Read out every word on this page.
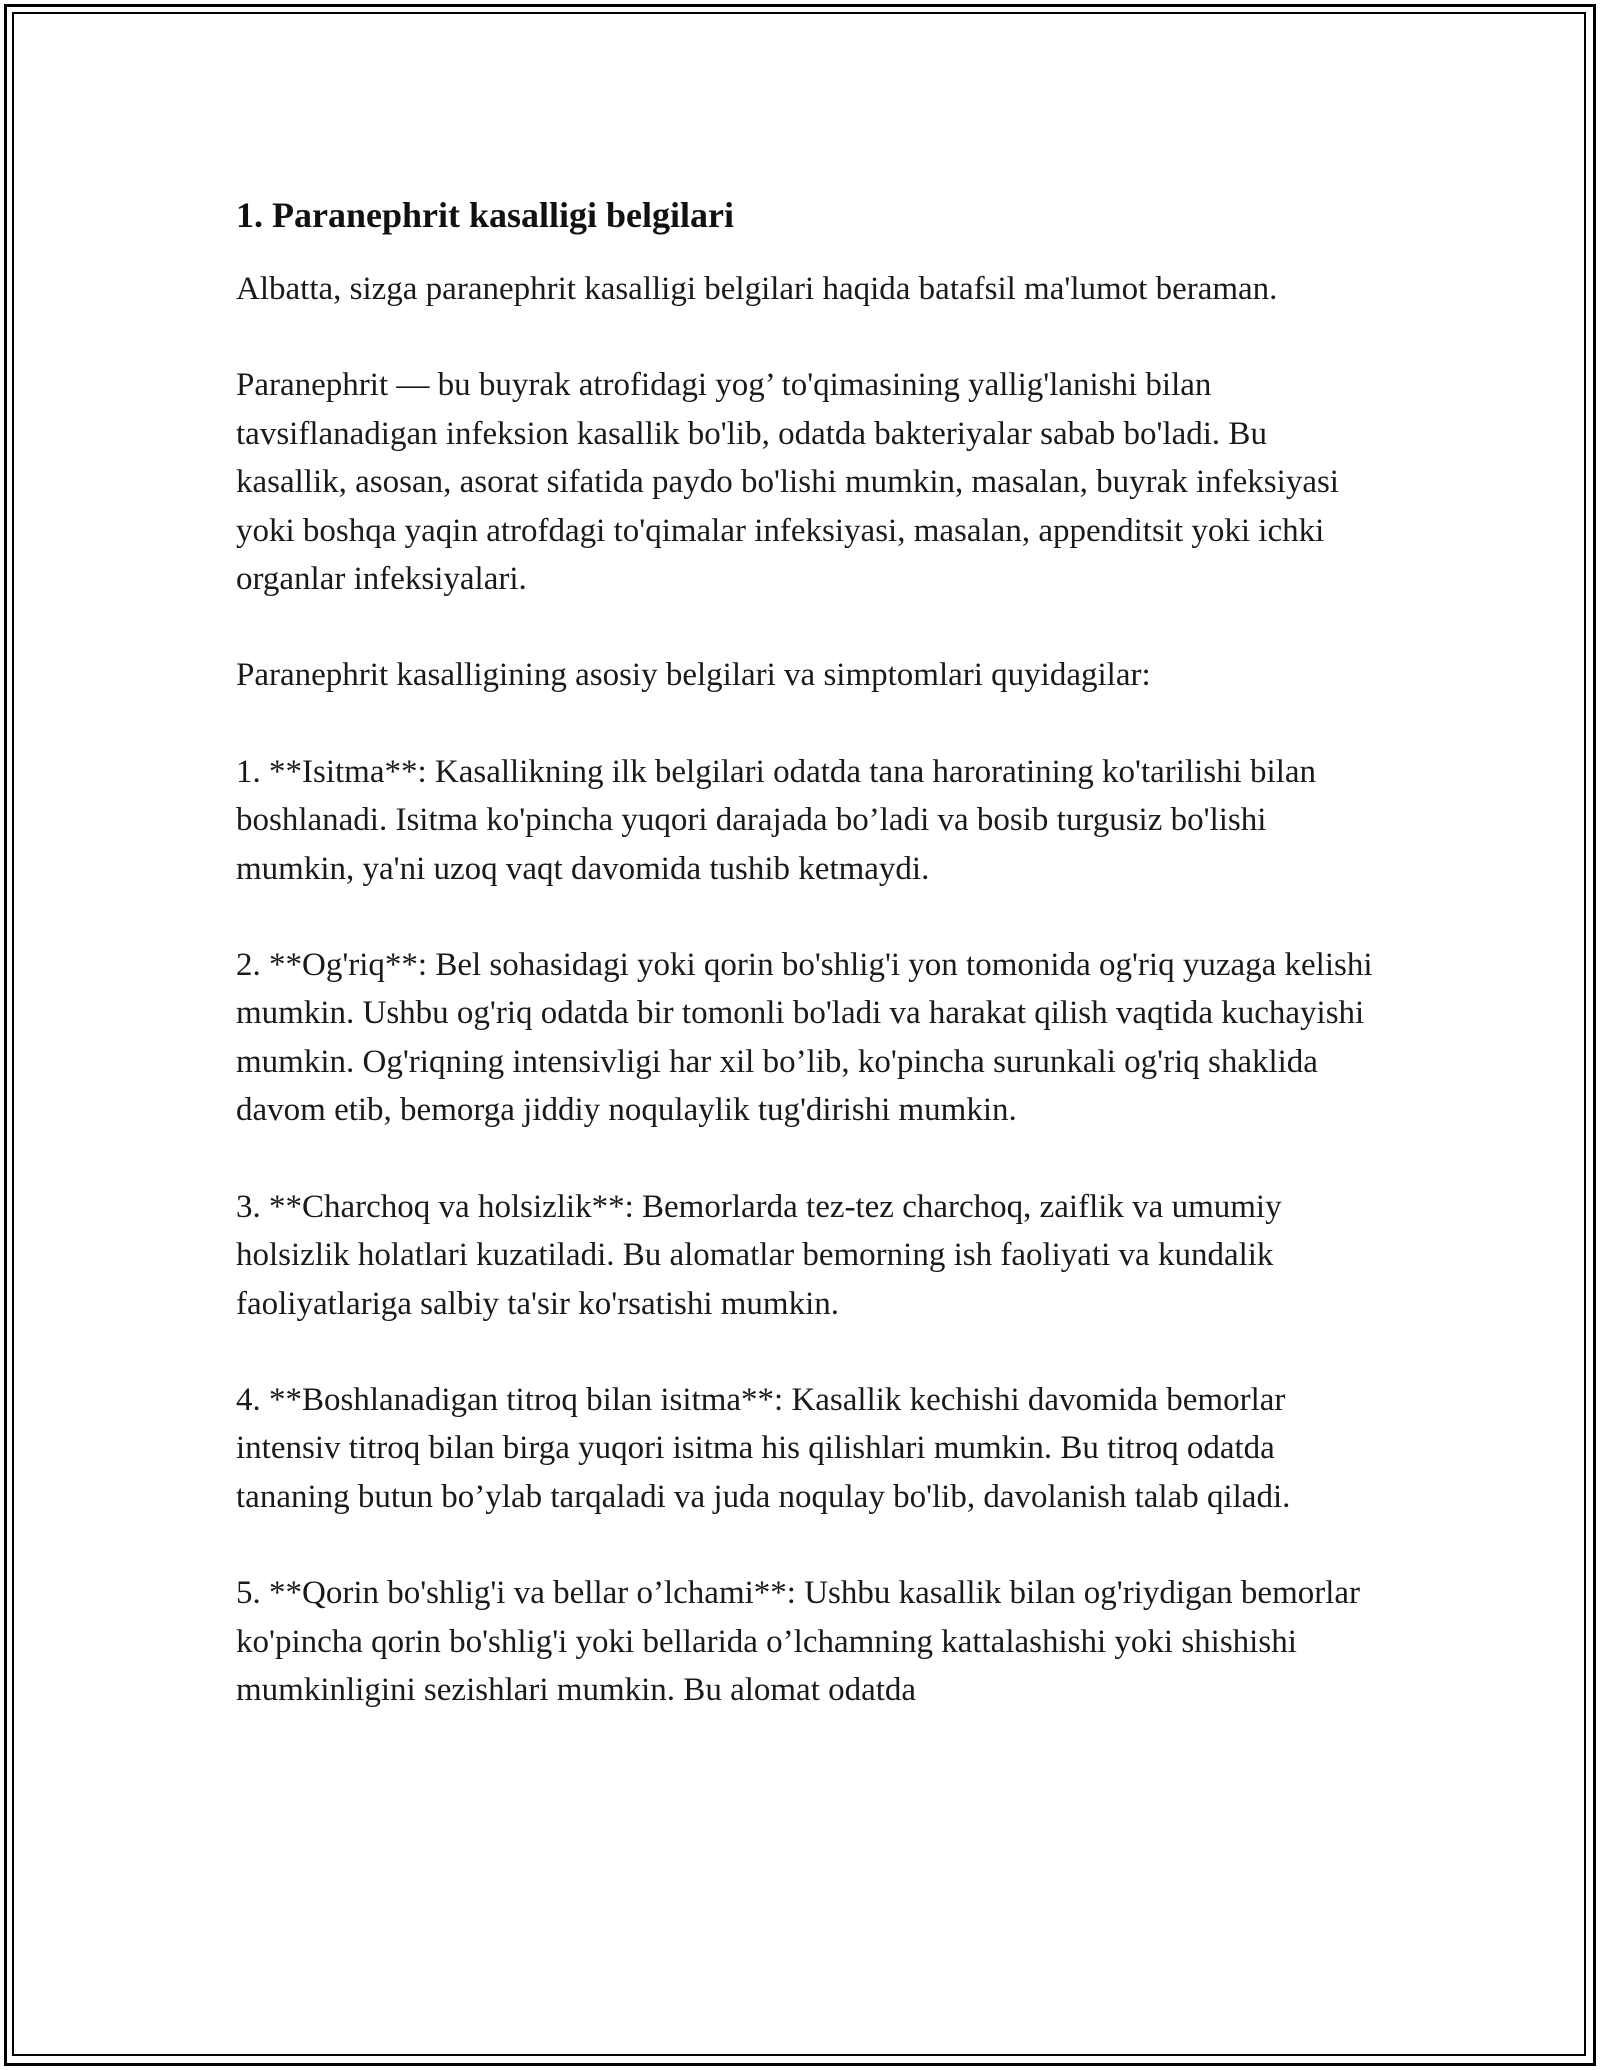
1. Paranephrit kasalligi belgilari

Albatta, sizga paranephrit kasalligi belgilari haqida batafsil ma'lumot beraman.

Paranephrit — bu buyrak atrofidagi yog’ to'qimasining yallig'lanishi bilan tavsiflanadigan infeksion kasallik bo'lib, odatda bakteriyalar sabab bo'ladi. Bu kasallik, asosan, asorat sifatida paydo bo'lishi mumkin, masalan, buyrak infeksiyasi yoki boshqa yaqin atrofdagi to'qimalar infeksiyasi, masalan, appenditsit yoki ichki organlar infeksiyalari.

Paranephrit kasalligining asosiy belgilari va simptomlari quyidagilar:

1. **Isitma**: Kasallikning ilk belgilari odatda tana haroratining ko'tarilishi bilan boshlanadi. Isitma ko'pincha yuqori darajada bo’ladi va bosib turgusiz bo'lishi mumkin, ya'ni uzoq vaqt davomida tushib ketmaydi.

2. **Og'riq**: Bel sohasidagi yoki qorin bo'shlig'i yon tomonida og'riq yuzaga kelishi mumkin. Ushbu og'riq odatda bir tomonli bo'ladi va harakat qilish vaqtida kuchayishi mumkin. Og'riqning intensivligi har xil bo’lib, ko'pincha surunkali og'riq shaklida davom etib, bemorga jiddiy noqulaylik tug'dirishi mumkin.

3. **Charchoq va holsizlik**: Bemorlarda tez-tez charchoq, zaiflik va umumiy holsizlik holatlari kuzatiladi. Bu alomatlar bemorning ish faoliyati va kundalik faoliyatlariga salbiy ta'sir ko'rsatishi mumkin.

4. **Boshlanadigan titroq bilan isitma**: Kasallik kechishi davomida bemorlar intensiv titroq bilan birga yuqori isitma his qilishlari mumkin. Bu titroq odatda tananing butun bo’ylab tarqaladi va juda noqulay bo'lib, davolanish talab qiladi.

5. **Qorin bo'shlig'i va bellar o’lchami**: Ushbu kasallik bilan og'riydigan bemorlar ko'pincha qorin bo'shlig'i yoki bellarida o’lchamning kattalashishi yoki shishishi mumkinligini sezishlari mumkin. Bu alomat odatda
